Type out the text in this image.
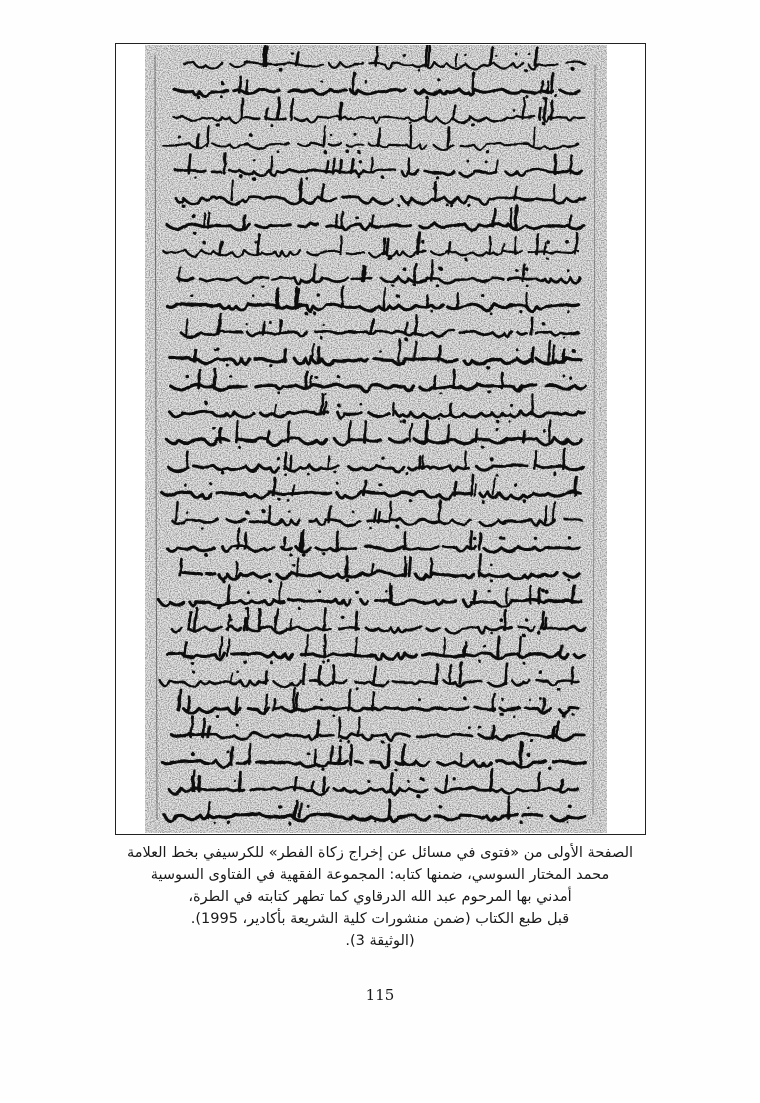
الصفحة الأولى من «فتوى في مسائل عن إخراج زكاة الفطر» للكرسيفي بخط العلامة
محمد المختار السوسي، ضمنها كتابه: المجموعة الفقهية في الفتاوى السوسية
أمدني بها المرحوم عبد الله الدرقاوي كما تطهر كتابته في الطرة،
قبل طبع الكتاب (ضمن منشورات كلية الشريعة بأكادير، 1995).
(الوثيقة 3).
115
